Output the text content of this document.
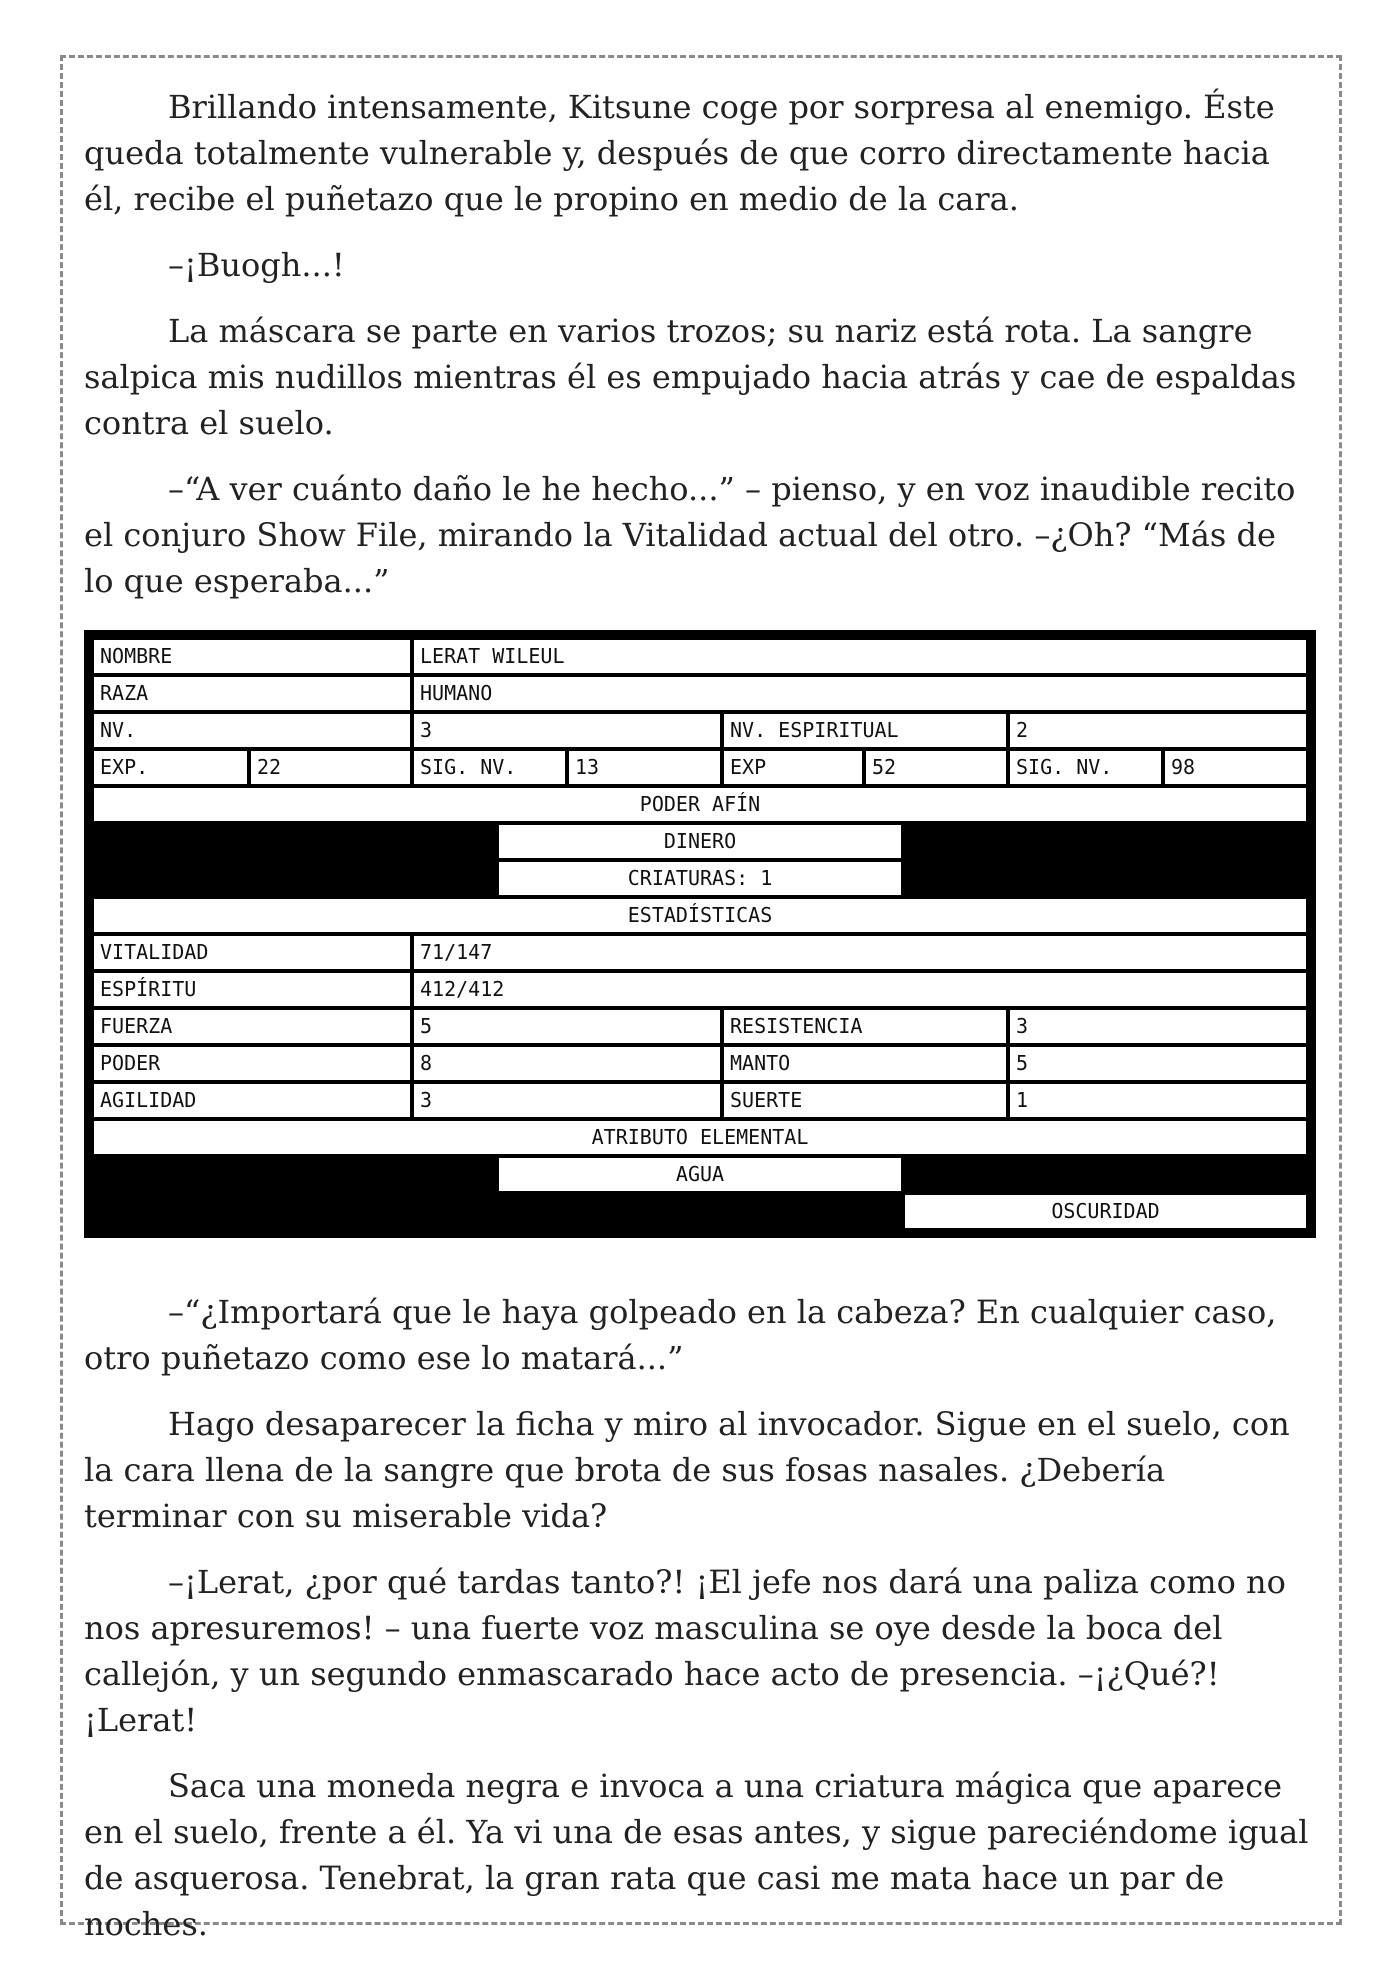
Brillando intensamente, Kitsune coge por sorpresa al enemigo. Éste queda totalmente vulnerable y, después de que corro directamente hacia él, recibe el puñetazo que le propino en medio de la cara.

–¡Buogh...!

La máscara se parte en varios trozos; su nariz está rota. La sangre salpica mis nudillos mientras él es empujado hacia atrás y cae de espaldas contra el suelo.

–“A ver cuánto daño le he hecho...” – pienso, y en voz inaudible recito el conjuro Show File, mirando la Vitalidad actual del otro. –¿Oh? “Más de lo que esperaba...”

NOMBRE	LERAT WILEUL
RAZA	HUMANO
NV.	3	NV. ESPIRITUAL	2
EXP.	22	SIG. NV.	13	EXP	52	SIG. NV.	98
PODER AFÍN
DINERO
CRIATURAS: 1
ESTADÍSTICAS
VITALIDAD	71/147
ESPÍRITU	412/412
FUERZA	5	RESISTENCIA	3
PODER	8	MANTO	5
AGILIDAD	3	SUERTE	1
ATRIBUTO ELEMENTAL
AGUA
OSCURIDAD

–“¿Importará que le haya golpeado en la cabeza? En cualquier caso, otro puñetazo como ese lo matará...”

Hago desaparecer la ficha y miro al invocador. Sigue en el suelo, con la cara llena de la sangre que brota de sus fosas nasales. ¿Debería terminar con su miserable vida?

–¡Lerat, ¿por qué tardas tanto?! ¡El jefe nos dará una paliza como no nos apresuremos! – una fuerte voz masculina se oye desde la boca del callejón, y un segundo enmascarado hace acto de presencia. –¡¿Qué?! ¡Lerat!

Saca una moneda negra e invoca a una criatura mágica que aparece en el suelo, frente a él. Ya vi una de esas antes, y sigue pareciéndome igual de asquerosa. Tenebrat, la gran rata que casi me mata hace un par de noches.
